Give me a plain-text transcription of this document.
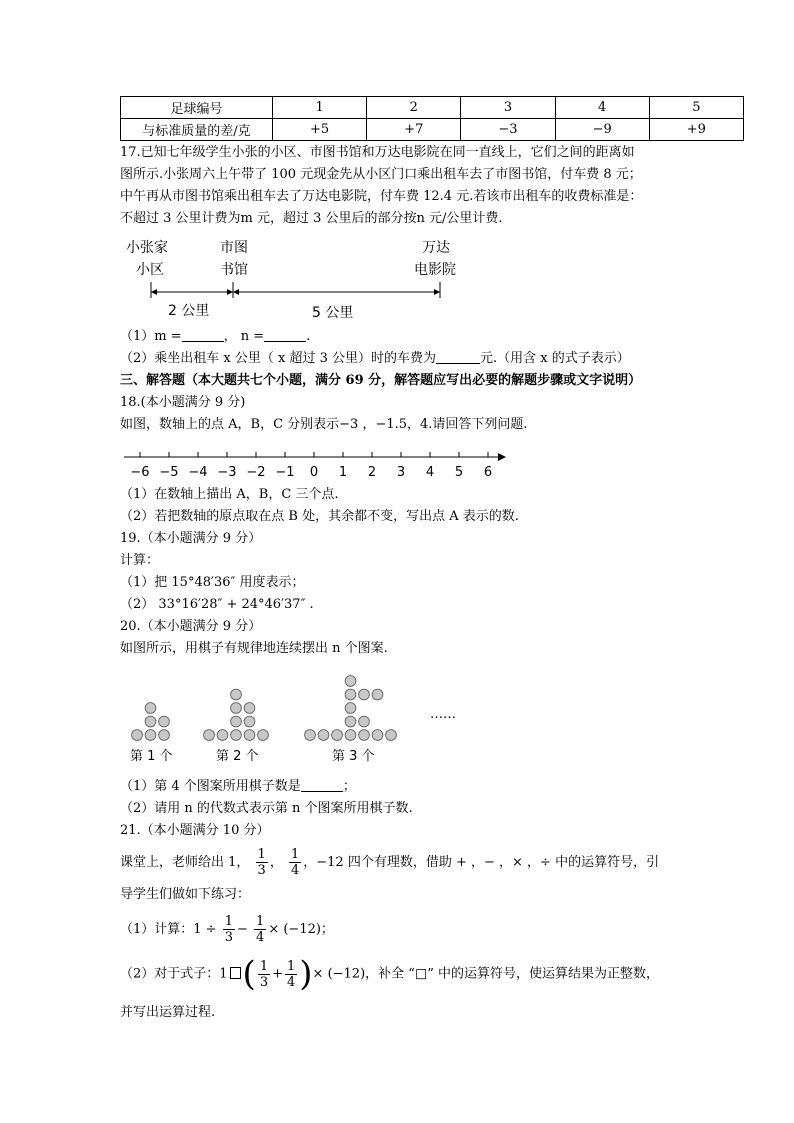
足球编号	1	2	3	4	5
与标准质量的差/克	+5	+7	−3	−9	+9
17.已知七年级学生小张的小区、市图书馆和万达电影院在同一直线上，它们之间的距离如
图所示.小张周六上午带了 100 元现金先从小区门口乘出租车去了市图书馆，付车费 8 元；
中午再从市图书馆乘出租车去了万达电影院，付车费 12.4 元.若该市出租车的收费标准是：
不超过 3 公里计费为m 元，超过 3 公里后的部分按n 元/公里计费.
小张家
小区
市图
书馆
万达
电影院
2 公里	5 公里
（1）m =	， n =	.
（2）乘坐出租车 x 公里（ x 超过 3 公里）时的车费为	元.（用含 x 的式子表示）
三、解答题（本大题共七个小题，满分 69 分，解答题应写出必要的解题步骤或文字说明）
18.(本小题满分 9 分)
如图，数轴上的点 A，B，C 分别表示−3 ，−1.5，4.请回答下列问题.
−6 −5 −4 −3 −2 −1 0 1 2 3 4 5 6
（1）在数轴上描出 A，B，C 三个点.
（2）若把数轴的原点取在点 B 处，其余都不变，写出点 A 表示的数.
19.（本小题满分 9 分）
计算：
（1）把 15°48′36″ 用度表示；
（2） 33°16′28″ + 24°46′37″ .
20.（本小题满分 9 分）
如图所示，用棋子有规律地连续摆出 n 个图案.
第 1 个	第 2 个	第 3 个
……
（1）第 4 个图案所用棋子数是	；
（2）请用 n 的代数式表示第 n 个图案所用棋子数.
21.（本小题满分 10 分）
课堂上，老师给出 1， $\frac{1}{3}$ ， $\frac{1}{4}$ ，−12 四个有理数，借助 + ，− ，× ，÷ 中的运算符号，引
导学生们做如下练习：
（1）计算：$1 \div \frac{1}{3} - \frac{1}{4} \times (-12)$；
（2）对于式子：1 ( $\frac{1}{3} + \frac{1}{4}$ )× (−12)，补全 “□” 中的运算符号，使运算结果为正整数，
并写出运算过程.
